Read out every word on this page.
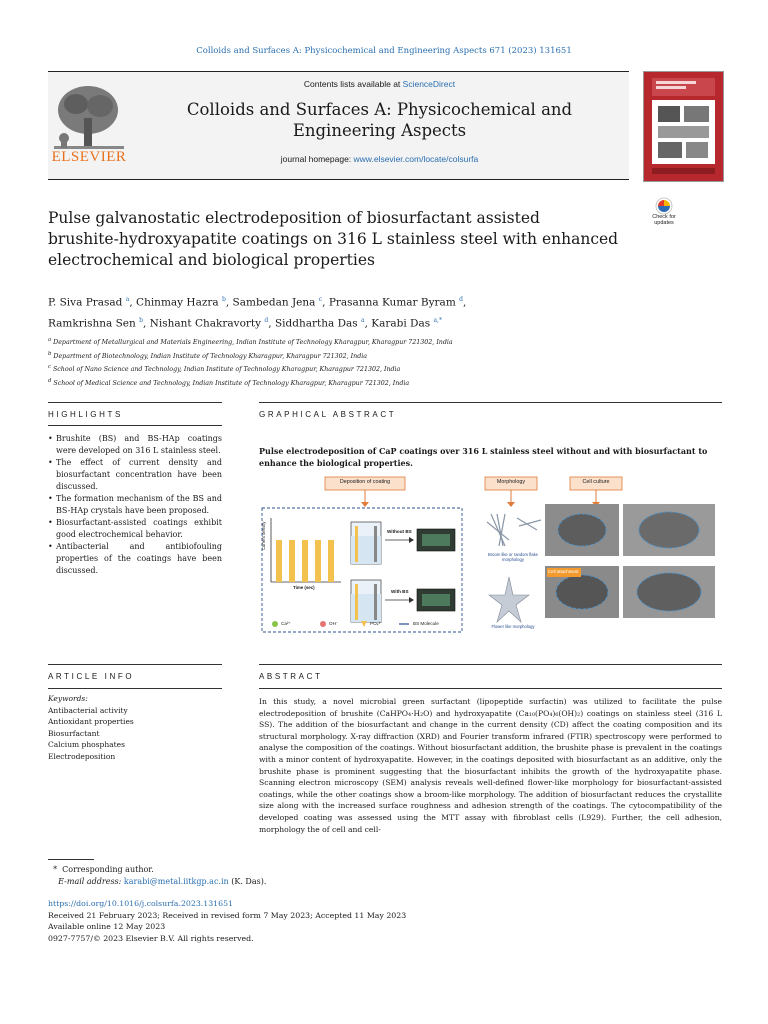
Colloids and Surfaces A: Physicochemical and Engineering Aspects 671 (2023) 131651
ELSEVIER
Contents lists available at ScienceDirect
Colloids and Surfaces A: Physicochemical and
Engineering Aspects
journal homepage: www.elsevier.com/locate/colsurfa
Check for
updates
Pulse galvanostatic electrodeposition of biosurfactant assisted
brushite-hydroxyapatite coatings on 316 L stainless steel with enhanced
electrochemical and biological properties
P. Siva Prasad $^a$, Chinmay Hazra $^b$, Sambedan Jena $^c$, Prasanna Kumar Byram $^d$,
Ramkrishna Sen $^b$, Nishant Chakravorty $^d$, Siddhartha Das $^a$, Karabi Das $^{a,*}$
$^a$ Department of Metallurgical and Materials Engineering, Indian Institute of Technology Kharagpur, Kharagpur 721302, India
$^b$ Department of Biotechnology, Indian Institute of Technology Kharagpur, Kharagpur 721302, India
$^c$ School of Nano Science and Technology, Indian Institute of Technology Kharagpur, Kharagpur 721302, India
$^d$ School of Medical Science and Technology, Indian Institute of Technology Kharagpur, Kharagpur 721302, India
HIGHLIGHTS	GRAPHICAL ABSTRACT
• Brushite (BS) and BS-HAp coatings were developed on 316 L stainless steel.
• The effect of current density and biosurfactant concentration have been discussed.
• The formation mechanism of the BS and BS-HAp crystals have been proposed.
• Biosurfactant-assisted coatings exhibit good electrochemical behavior.
• Antibacterial and antibiofouling properties of the coatings have been discussed.
Pulse electrodeposition of CaP coatings over 316 L stainless steel without and with biosurfactant to enhance the biological properties.
Deposition of coating	Morphology	Cell culture
Without BS
With BS
Broom like or random flake morphology
Flower like morphology
Cell attachment
Time (sec)
Current density
Ca²⁺	OH⁻	PO₄³⁻	BS Molecule
ARTICLE INFO	ABSTRACT
Keywords:
Antibacterial activity
Antioxidant properties
Biosurfactant
Calcium phosphates
Electrodeposition
In this study, a novel microbial green surfactant (lipopeptide surfactin) was utilized to facilitate the pulse electrodeposition of brushite (CaHPO₄·H₂O) and hydroxyapatite (Ca₁₀(PO₄)₆(OH)₂) coatings on stainless steel (316 L SS). The addition of the biosurfactant and change in the current density (CD) affect the coating composition and its structural morphology. X-ray diffraction (XRD) and Fourier transform infrared (FTIR) spectroscopy were performed to analyse the composition of the coatings. Without biosurfactant addition, the brushite phase is prevalent in the coatings with a minor content of hydroxyapatite. However, in the coatings deposited with biosurfactant as an additive, only the brushite phase is prominent suggesting that the biosurfactant inhibits the growth of the hydroxyapatite phase. Scanning electron microscopy (SEM) analysis reveals well-defined flower-like morphology for biosurfactant-assisted coatings, while the other coatings show a broom-like morphology. The addition of biosurfactant reduces the crystallite size along with the increased surface roughness and adhesion strength of the coatings. The cytocompatibility of the developed coating was assessed using the MTT assay with fibroblast cells (L929). Further, the cell adhesion, morphology the of cell and cell-
*  Corresponding author.
E-mail address: karabi@metal.iitkgp.ac.in (K. Das).
https://doi.org/10.1016/j.colsurfa.2023.131651
Received 21 February 2023; Received in revised form 7 May 2023; Accepted 11 May 2023
Available online 12 May 2023
0927-7757/© 2023 Elsevier B.V. All rights reserved.
